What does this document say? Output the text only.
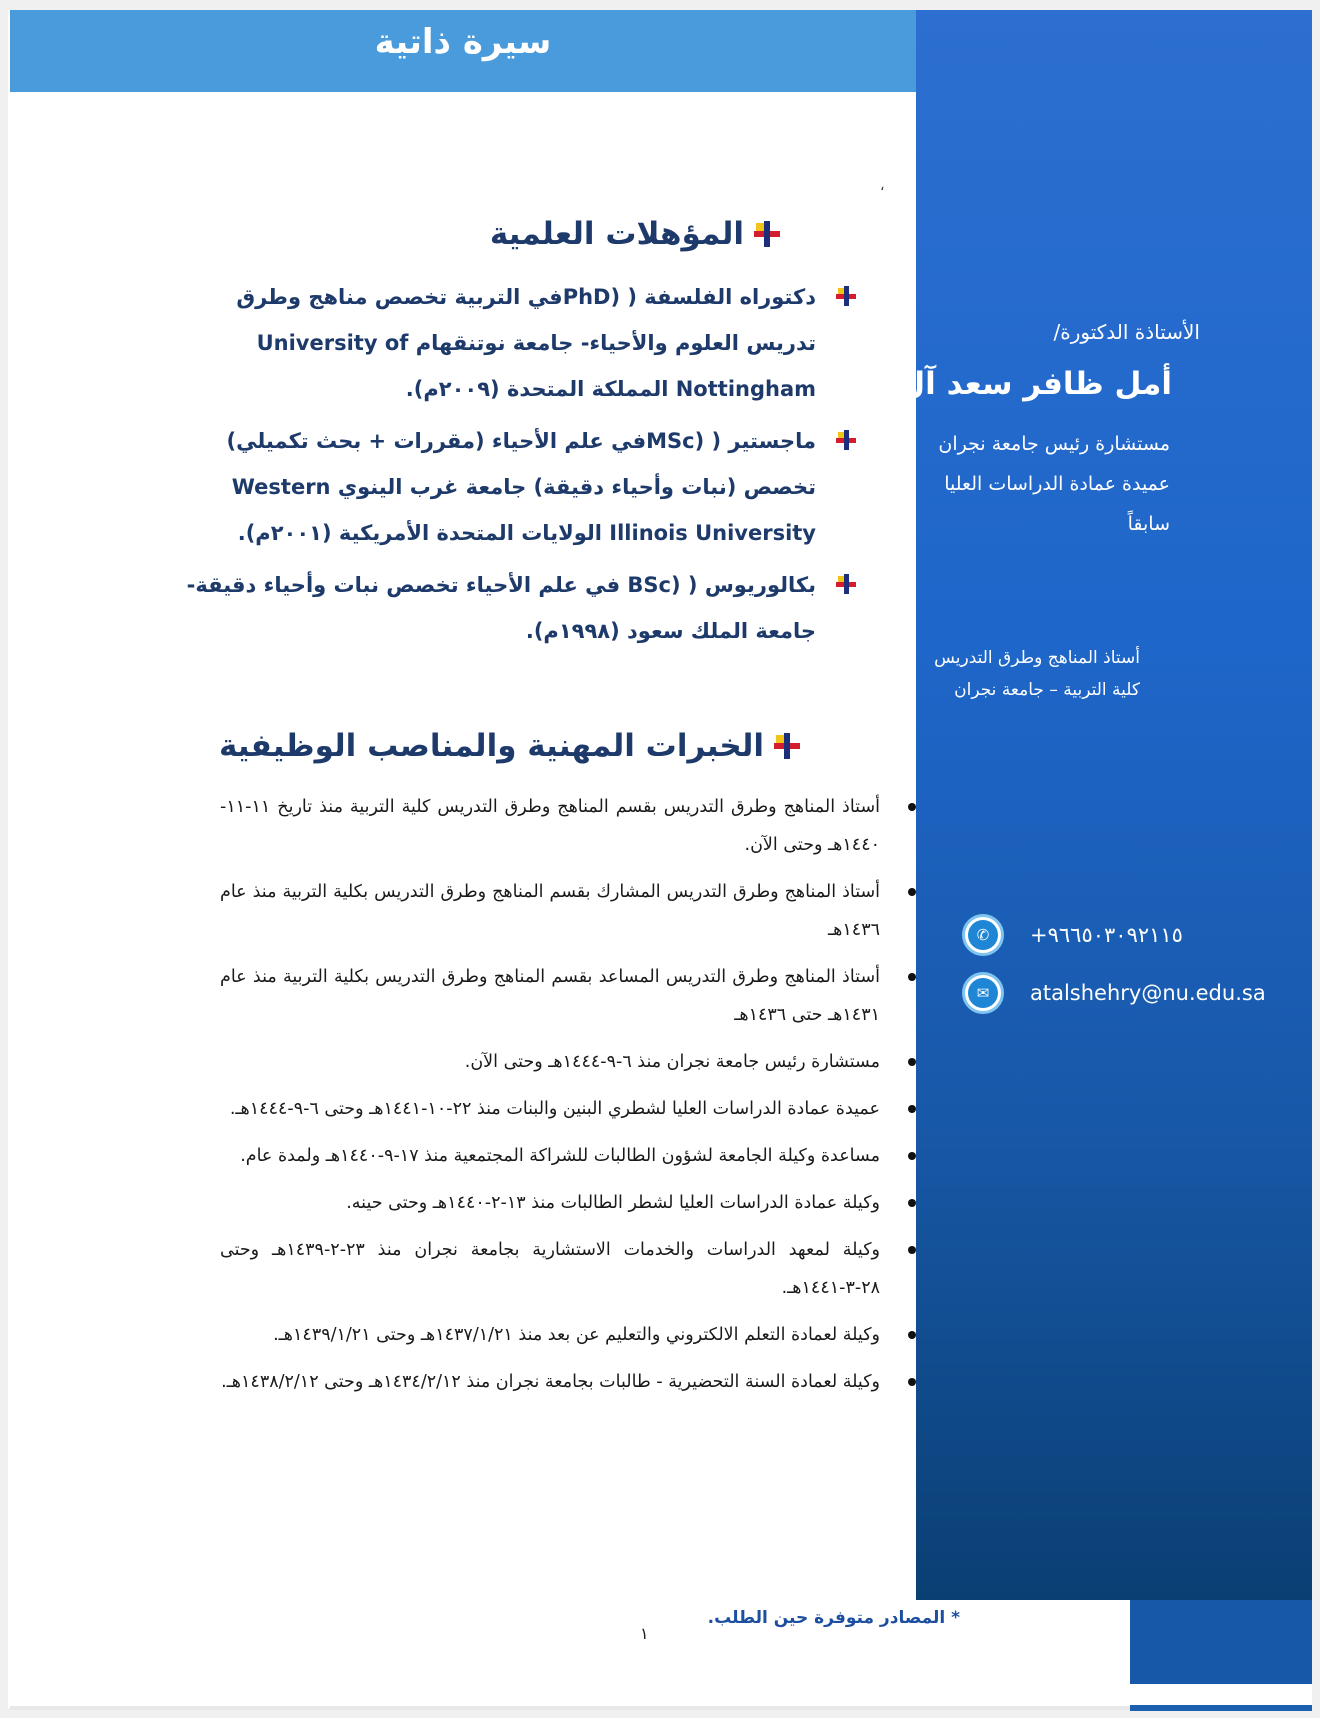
سيرة ذاتية
الأستاذة الدكتورة/
أمل ظافر سعد آل عثمان
مستشارة رئيس جامعة نجران
عميدة عمادة الدراسات العليا
سابقاً
أستاذ المناهج وطرق التدريس
كلية التربية – جامعة نجران
✆	+٩٦٦٥٠٣٠٩٢١١٥
✉	atalshehry@nu.edu.sa
،
المؤهلات العلمية
دكتوراه الفلسفة ( (PhDفي التربية تخصص مناهج وطرق تدريس العلوم والأحياء- جامعة نوتنقهام University of Nottingham المملكة المتحدة (٢٠٠٩م).
ماجستير ( (MScفي علم الأحياء (مقررات + بحث تكميلي) تخصص (نبات وأحياء دقيقة) جامعة غرب الينوي Western Illinois University الولايات المتحدة الأمريكية (٢٠٠١م).
بكالوريوس ( (BSc في علم الأحياء تخصص نبات وأحياء دقيقة- جامعة الملك سعود (١٩٩٨م).
الخبرات المهنية والمناصب الوظيفية
أستاذ المناهج وطرق التدريس بقسم المناهج وطرق التدريس كلية التربية منذ تاريخ ١١-١١- ١٤٤٠هـ وحتى الآن.
أستاذ المناهج وطرق التدريس المشارك بقسم المناهج وطرق التدريس بكلية التربية منذ عام ١٤٣٦هـ
أستاذ المناهج وطرق التدريس المساعد بقسم المناهج وطرق التدريس بكلية التربية منذ عام ١٤٣١هـ حتى ١٤٣٦هـ
مستشارة رئيس جامعة نجران منذ ٦-٩-١٤٤٤هـ وحتى الآن.
عميدة عمادة الدراسات العليا لشطري البنين والبنات منذ ٢٢-١٠-١٤٤١هـ وحتى ٦-٩-١٤٤٤هـ.
مساعدة وكيلة الجامعة لشؤون الطالبات للشراكة المجتمعية منذ ١٧-٩-١٤٤٠هـ ولمدة عام.
وكيلة عمادة الدراسات العليا لشطر الطالبات منذ ١٣-٢-١٤٤٠هـ وحتى حينه.
وكيلة لمعهد الدراسات والخدمات الاستشارية بجامعة نجران منذ ٢٣-٢-١٤٣٩هـ وحتى ٢٨-٣-١٤٤١هـ.
وكيلة لعمادة التعلم الالكتروني والتعليم عن بعد منذ ١٤٣٧/١/٢١هـ وحتى ١٤٣٩/١/٢١هـ.
وكيلة لعمادة السنة التحضيرية - طالبات بجامعة نجران منذ ١٤٣٤/٢/١٢هـ وحتى ١٤٣٨/٢/١٢هـ.
* المصادر متوفرة حين الطلب.
١
